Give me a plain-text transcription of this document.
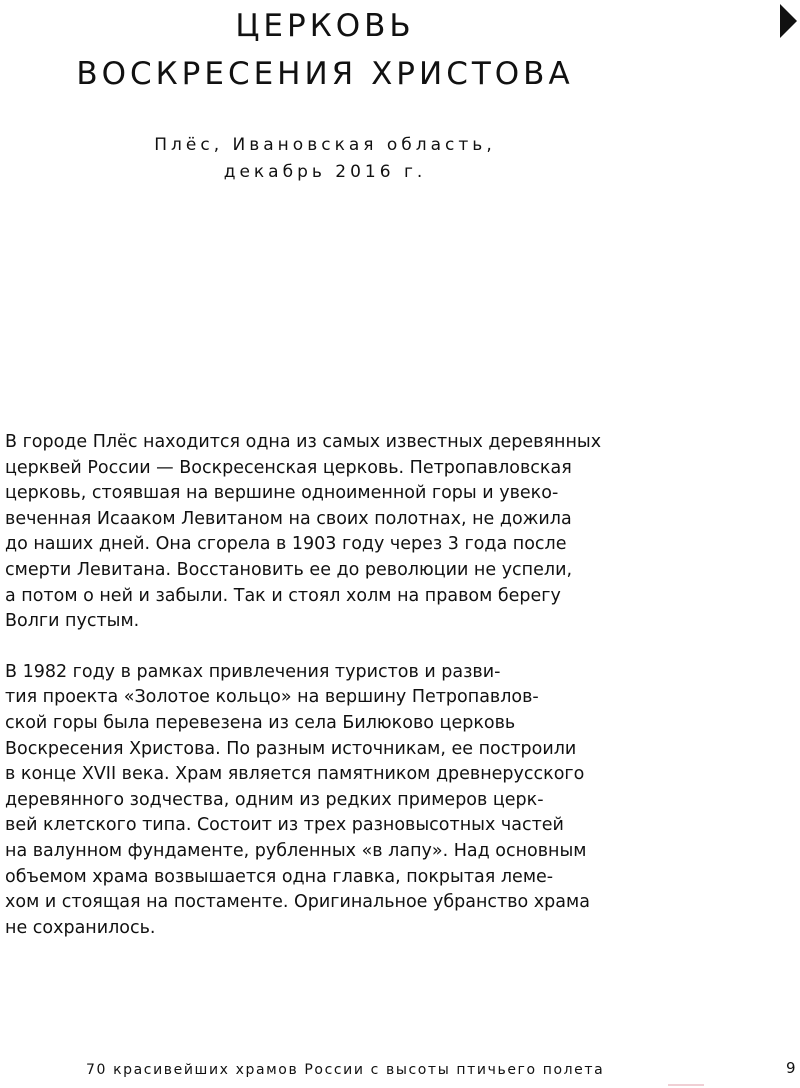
ЦЕРКОВЬ
ВОСКРЕСЕНИЯ ХРИСТОВА
Плёс, Ивановская область,
декабрь 2016 г.
В городе Плёс находится одна из самых известных деревянных
церквей России — Воскресенская церковь. Петропавловская
церковь, стоявшая на вершине одноименной горы и увеко-
веченная Исааком Левитаном на своих полотнах, не дожила
до наших дней. Она сгорела в 1903 году через 3 года после
смерти Левитана. Восстановить ее до революции не успели,
а потом о ней и забыли. Так и стоял холм на правом берегу
Волги пустым.
В 1982 году в рамках привлечения туристов и разви-
тия проекта «Золотое кольцо» на вершину Петропавлов-
ской горы была перевезена из села Билюково церковь
Воскресения Христова. По разным источникам, ее построили
в конце XVII века. Храм является памятником древнерусского
деревянного зодчества, одним из редких примеров церк-
вей клетского типа. Состоит из трех разновысотных частей
на валунном фундаменте, рубленных «в лапу». Над основным
объемом храма возвышается одна главка, покрытая леме-
хом и стоящая на постаменте. Оригинальное убранство храма
не сохранилось.
70 красивейших храмов России с высоты птичьего полета	9
